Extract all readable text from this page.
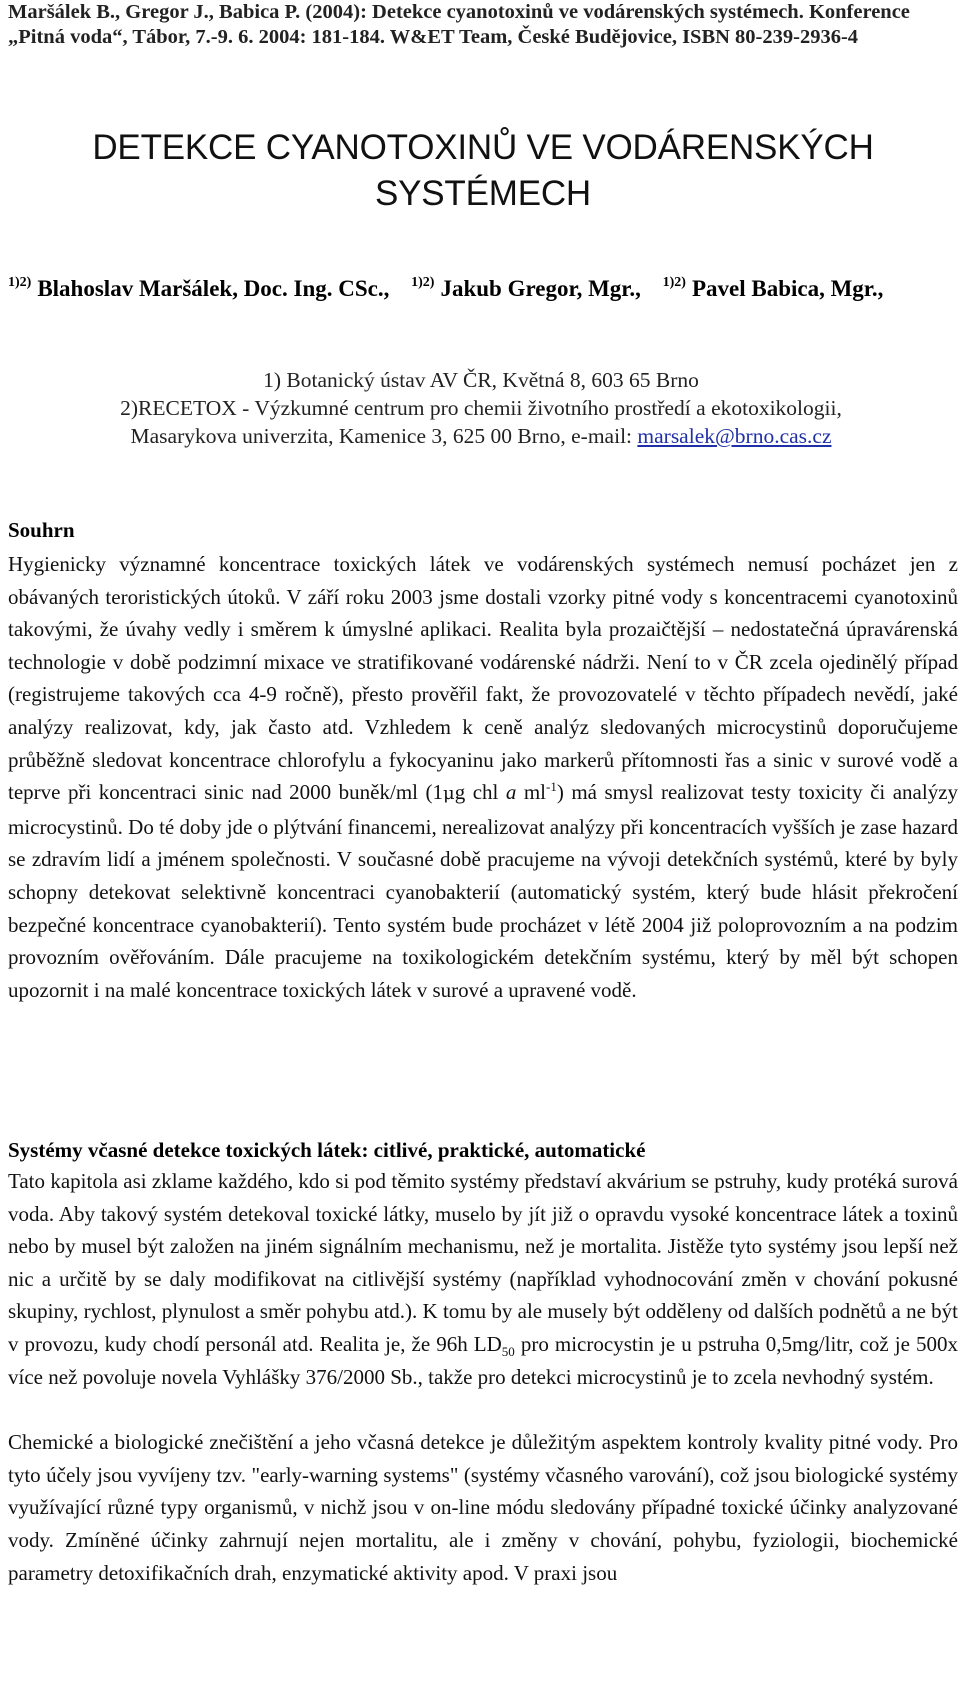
Maršálek B., Gregor J., Babica P. (2004): Detekce cyanotoxinů ve vodárenských systémech. Konference „Pitná voda“, Tábor, 7.-9. 6. 2004: 181-184. W&ET Team, České Budějovice, ISBN 80-239-2936-4
DETEKCE CYANOTOXINŮ VE VODÁRENSKÝCH
SYSTÉMECH
$^{1)2)}$ Blahoslav Maršálek, Doc. Ing. CSc., $^{1)2)}$ Jakub Gregor, Mgr., $^{1)2)}$ Pavel Babica, Mgr.,
1) Botanický ústav AV ČR, Květná 8, 603 65 Brno
2)RECETOX - Výzkumné centrum pro chemii životního prostředí a ekotoxikologii,
Masarykova univerzita, Kamenice 3, 625 00 Brno, e-mail: marsalek@brno.cas.cz
Souhrn

Hygienicky významné koncentrace toxických látek ve vodárenských systémech nemusí pocházet jen z obávaných teroristických útoků. V září roku 2003 jsme dostali vzorky pitné vody s koncentracemi cyanotoxinů takovými, že úvahy vedly i směrem k úmyslné aplikaci. Realita byla prozaičtější – nedostatečná úpravárenská technologie v době podzimní mixace ve stratifikované vodárenské nádrži. Není to v ČR zcela ojedinělý případ (registrujeme takových cca 4-9 ročně), přesto prověřil fakt, že provozovatelé v těchto případech nevědí, jaké analýzy realizovat, kdy, jak často atd. Vzhledem k ceně analýz sledovaných microcystinů doporučujeme průběžně sledovat koncentrace chlorofylu a fykocyaninu jako markerů přítomnosti řas a sinic v surové vodě a teprve při koncentraci sinic nad 2000 buněk/ml (1μg chl a $ml^{-1}$) má smysl realizovat testy toxicity či analýzy microcystinů. Do té doby jde o plýtvání financemi, nerealizovat analýzy při koncentracích vyšších je zase hazard se zdravím lidí a jménem společnosti. V současné době pracujeme na vývoji detekčních systémů, které by byly schopny detekovat selektivně koncentraci cyanobakterií (automatický systém, který bude hlásit překročení bezpečné koncentrace cyanobakterií). Tento systém bude procházet v létě 2004 již poloprovozním a na podzim provozním ověřováním. Dále pracujeme na toxikologickém detekčním systému, který by měl být schopen upozornit i na malé koncentrace toxických látek v surové a upravené vodě.

Systémy včasné detekce toxických látek: citlivé, praktické, automatické

Tato kapitola asi zklame každého, kdo si pod těmito systémy představí akvárium se pstruhy, kudy protéká surová voda. Aby takový systém detekoval toxické látky, muselo by jít již o opravdu vysoké koncentrace látek a toxinů nebo by musel být založen na jiném signálním mechanismu, než je mortalita. Jistěže tyto systémy jsou lepší než nic a určitě by se daly modifikovat na citlivější systémy (například vyhodnocování změn v chování pokusné skupiny, rychlost, plynulost a směr pohybu atd.). K tomu by ale musely být odděleny od dalších podnětů a ne být v provozu, kudy chodí personál atd. Realita je, že 96h $LD_{50}$ pro microcystin je u pstruha 0,5mg/litr, což je 500x více než povoluje novela Vyhlášky 376/2000 Sb., takže pro detekci microcystinů je to zcela nevhodný systém.

Chemické a biologické znečištění a jeho včasná detekce je důležitým aspektem kontroly kvality pitné vody. Pro tyto účely jsou vyvíjeny tzv. "early-warning systems" (systémy včasného varování), což jsou biologické systémy využívající různé typy organismů, v nichž jsou v on-line módu sledovány případné toxické účinky analyzované vody. Zmíněné účinky zahrnují nejen mortalitu, ale i změny v chování, pohybu, fyziologii, biochemické parametry detoxifikačních drah, enzymatické aktivity apod. V praxi jsou
